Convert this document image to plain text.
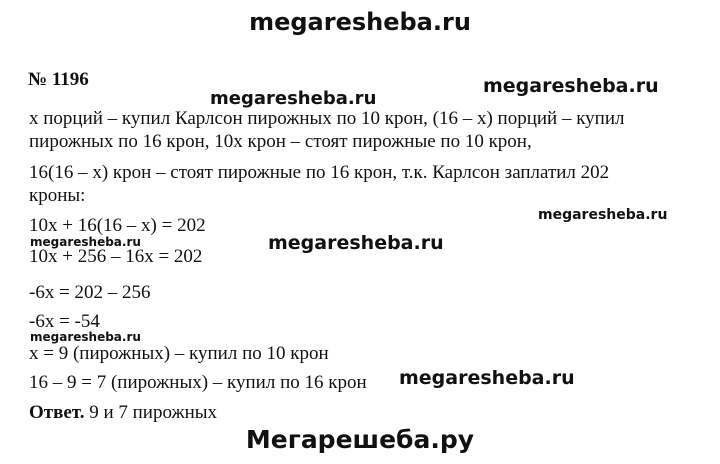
megaresheba.ru
№ 1196	megaresheba.ru
megaresheba.ru
x порций – купил Карлсон пирожных по 10 крон, (16 – x) порций – купил
пирожных по 16 крон, 10x крон – стоят пирожные по 10 крон,
16(16 – x) крон – стоят пирожные по 16 крон, т.к. Карлсон заплатил 202
кроны:
megaresheba.ru
10x + 16(16 – x) = 202
megaresheba.ru	megaresheba.ru
10x + 256 – 16x = 202
-6x = 202 – 256
-6x = -54
megaresheba.ru
x = 9 (пирожных) – купил по 10 крон
16 – 9 = 7 (пирожных) – купил по 16 крон megaresheba.ru
Ответ. 9 и 7 пирожных
Мегарешеба.ру
